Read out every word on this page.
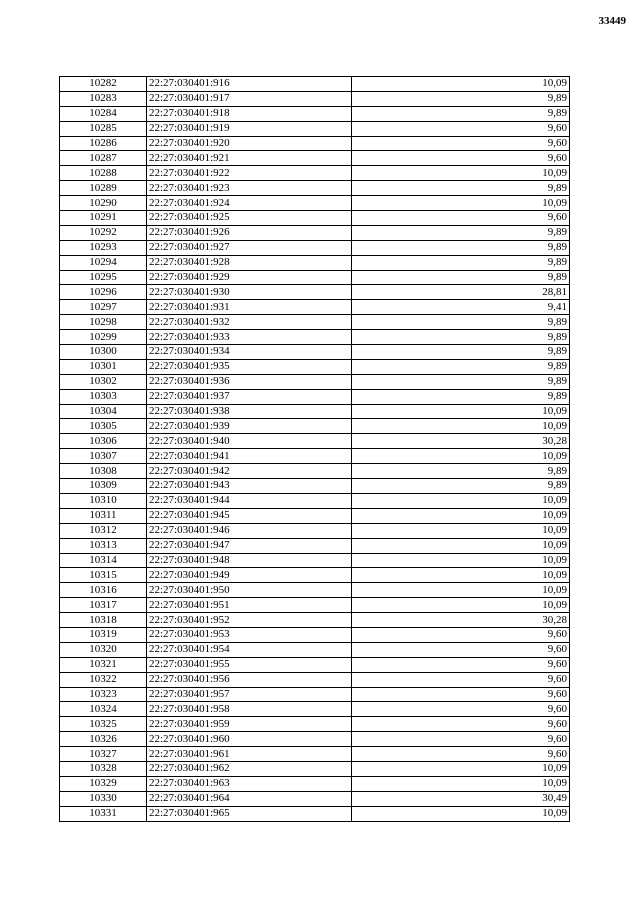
33449
10282	22:27:030401:916	10,09
10283	22:27:030401:917	9,89
10284	22:27:030401:918	9,89
10285	22:27:030401:919	9,60
10286	22:27:030401:920	9,60
10287	22:27:030401:921	9,60
10288	22:27:030401:922	10,09
10289	22:27:030401:923	9,89
10290	22:27:030401:924	10,09
10291	22:27:030401:925	9,60
10292	22:27:030401:926	9,89
10293	22:27:030401:927	9,89
10294	22:27:030401:928	9,89
10295	22:27:030401:929	9,89
10296	22:27:030401:930	28,81
10297	22:27:030401:931	9,41
10298	22:27:030401:932	9,89
10299	22:27:030401:933	9,89
10300	22:27:030401:934	9,89
10301	22:27:030401:935	9,89
10302	22:27:030401:936	9,89
10303	22:27:030401:937	9,89
10304	22:27:030401:938	10,09
10305	22:27:030401:939	10,09
10306	22:27:030401:940	30,28
10307	22:27:030401:941	10,09
10308	22:27:030401:942	9,89
10309	22:27:030401:943	9,89
10310	22:27:030401:944	10,09
10311	22:27:030401:945	10,09
10312	22:27:030401:946	10,09
10313	22:27:030401:947	10,09
10314	22:27:030401:948	10,09
10315	22:27:030401:949	10,09
10316	22:27:030401:950	10,09
10317	22:27:030401:951	10,09
10318	22:27:030401:952	30,28
10319	22:27:030401:953	9,60
10320	22:27:030401:954	9,60
10321	22:27:030401:955	9,60
10322	22:27:030401:956	9,60
10323	22:27:030401:957	9,60
10324	22:27:030401:958	9,60
10325	22:27:030401:959	9,60
10326	22:27:030401:960	9,60
10327	22:27:030401:961	9,60
10328	22:27:030401:962	10,09
10329	22:27:030401:963	10,09
10330	22:27:030401:964	30,49
10331	22:27:030401:965	10,09
